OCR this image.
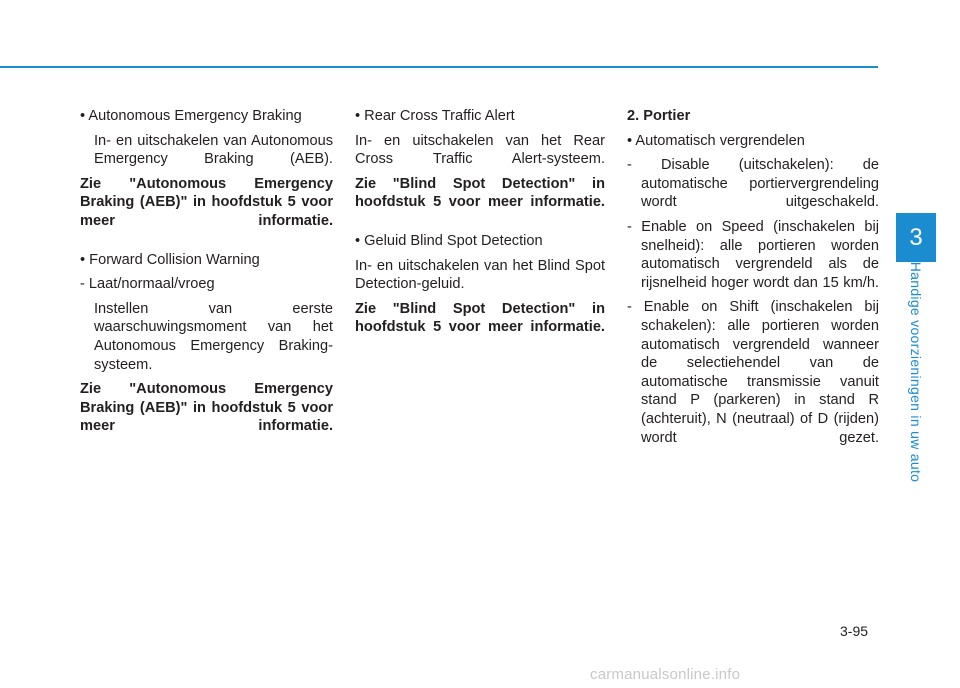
• Autonomous Emergency Braking

In- en uitschakelen van Autonomous Emergency Braking (AEB).

Zie "Autonomous Emergency Braking (AEB)" in hoofdstuk 5 voor meer informatie.

• Forward Collision Warning

- Laat/normaal/vroeg

Instellen van eerste waarschuwingsmoment van het Autonomous Emergency Braking-systeem.

Zie "Autonomous Emergency Braking (AEB)" in hoofdstuk 5 voor meer informatie.

• Rear Cross Traffic Alert

In- en uitschakelen van het Rear Cross Traffic Alert-systeem.

Zie "Blind Spot Detection" in hoofdstuk 5 voor meer informatie.

• Geluid Blind Spot Detection

In- en uitschakelen van het Blind Spot Detection-geluid.

Zie "Blind Spot Detection" in hoofdstuk 5 voor meer informatie.

2. Portier

• Automatisch vergrendelen

- Disable (uitschakelen): de automatische portiervergrendeling wordt uitgeschakeld.

- Enable on Speed (inschakelen bij snelheid): alle portieren worden automatisch vergrendeld als de rijsnelheid hoger wordt dan 15 km/h.

- Enable on Shift (inschakelen bij schakelen): alle portieren worden automatisch vergrendeld wanneer de selectiehendel van de automatische transmissie vanuit stand P (parkeren) in stand R (achteruit), N (neutraal) of D (rijden) wordt gezet.

3
Handige voorzieningen in uw auto
3-95
carmanualsonline.info
